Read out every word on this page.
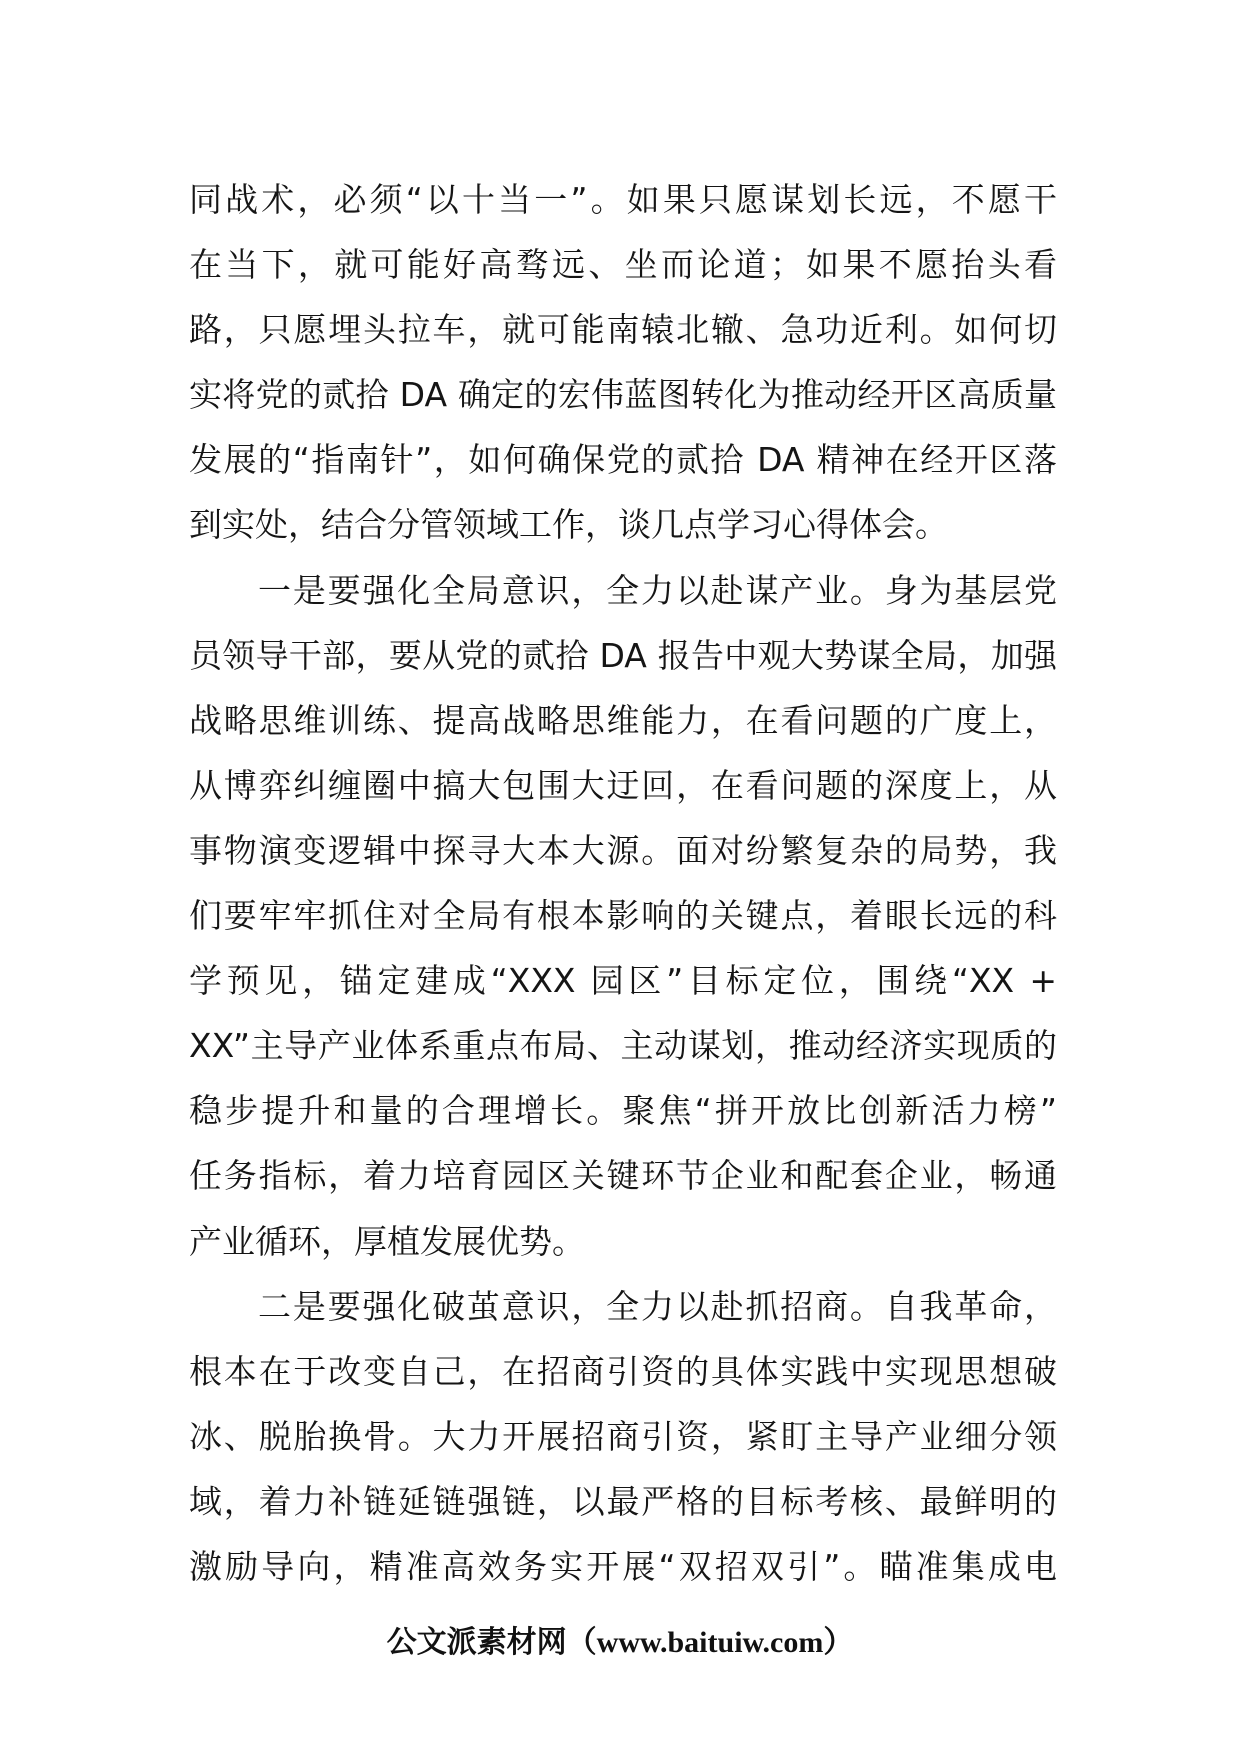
同战术，必须“以十当一”。如果只愿谋划长远，不愿干
在当下，就可能好高骛远、坐而论道；如果不愿抬头看
路，只愿埋头拉车，就可能南辕北辙、急功近利。如何切
实将党的贰拾 DA 确定的宏伟蓝图转化为推动经开区高质量
发展的“指南针”，如何确保党的贰拾 DA 精神在经开区落
到实处，结合分管领域工作，谈几点学习心得体会。
一是要强化全局意识，全力以赴谋产业。身为基层党
员领导干部，要从党的贰拾 DA 报告中观大势谋全局，加强
战略思维训练、提高战略思维能力，在看问题的广度上，
从博弈纠缠圈中搞大包围大迂回，在看问题的深度上，从
事物演变逻辑中探寻大本大源。面对纷繁复杂的局势，我
们要牢牢抓住对全局有根本影响的关键点，着眼长远的科
学预见，锚定建成“XXX 园区”目标定位，围绕“XX +
XX”主导产业体系重点布局、主动谋划，推动经济实现质的
稳步提升和量的合理增长。聚焦“拼开放比创新活力榜”
任务指标，着力培育园区关键环节企业和配套企业，畅通
产业循环，厚植发展优势。
二是要强化破茧意识，全力以赴抓招商。自我革命，
根本在于改变自己，在招商引资的具体实践中实现思想破
冰、脱胎换骨。大力开展招商引资，紧盯主导产业细分领
域，着力补链延链强链，以最严格的目标考核、最鲜明的
激励导向，精准高效务实开展“双招双引”。瞄准集成电
公文派素材网（www.baituiw.com）
